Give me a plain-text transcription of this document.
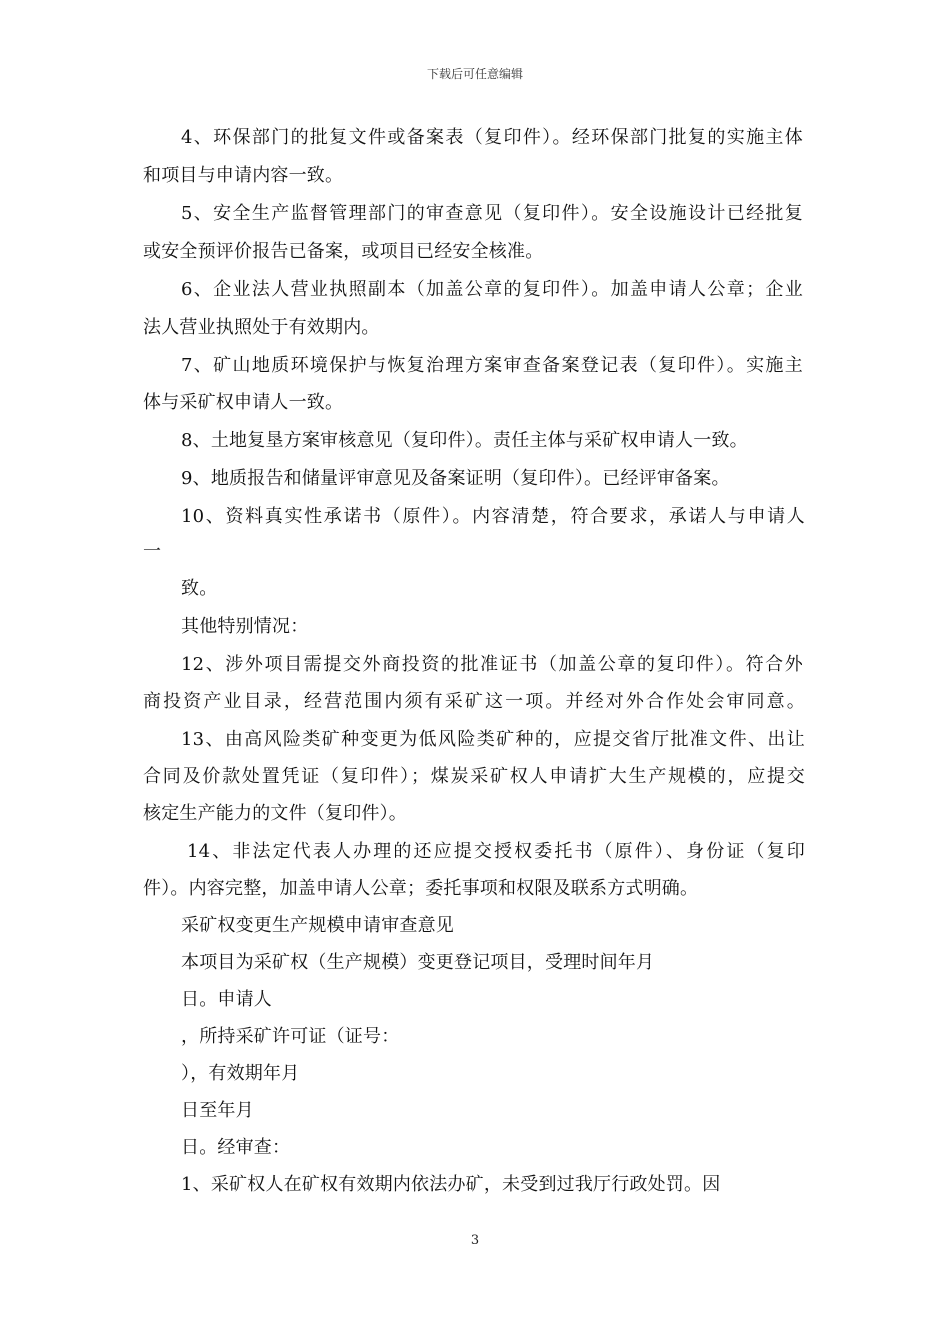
下载后可任意编辑
4、环保部门的批复文件或备案表（复印件）。经环保部门批复的实施主体
和项目与申请内容一致。
5、安全生产监督管理部门的审查意见（复印件）。安全设施设计已经批复
或安全预评价报告已备案，或项目已经安全核准。
6、企业法人营业执照副本（加盖公章的复印件）。加盖申请人公章；企业
法人营业执照处于有效期内。
7、矿山地质环境保护与恢复治理方案审查备案登记表（复印件）。实施主
体与采矿权申请人一致。
8、土地复垦方案审核意见（复印件）。责任主体与采矿权申请人一致。
9、地质报告和储量评审意见及备案证明（复印件）。已经评审备案。
10、资料真实性承诺书（原件）。内容清楚，符合要求，承诺人与申请人
一
致。
其他特别情况：
12、涉外项目需提交外商投资的批准证书（加盖公章的复印件）。符合外
商投资产业目录，经营范围内须有采矿这一项。并经对外合作处会审同意。
13、由高风险类矿种变更为低风险类矿种的，应提交省厅批准文件、出让
合同及价款处置凭证（复印件）；煤炭采矿权人申请扩大生产规模的，应提交
核定生产能力的文件（复印件）。
14、非法定代表人办理的还应提交授权委托书（原件）、身份证（复印
件）。内容完整，加盖申请人公章；委托事项和权限及联系方式明确。
采矿权变更生产规模申请审查意见
本项目为采矿权（生产规模）变更登记项目，受理时间年月
日。申请人
，所持采矿许可证（证号：
），有效期年月
日至年月
日。经审查：
1、采矿权人在矿权有效期内依法办矿，未受到过我厅行政处罚。因
3
